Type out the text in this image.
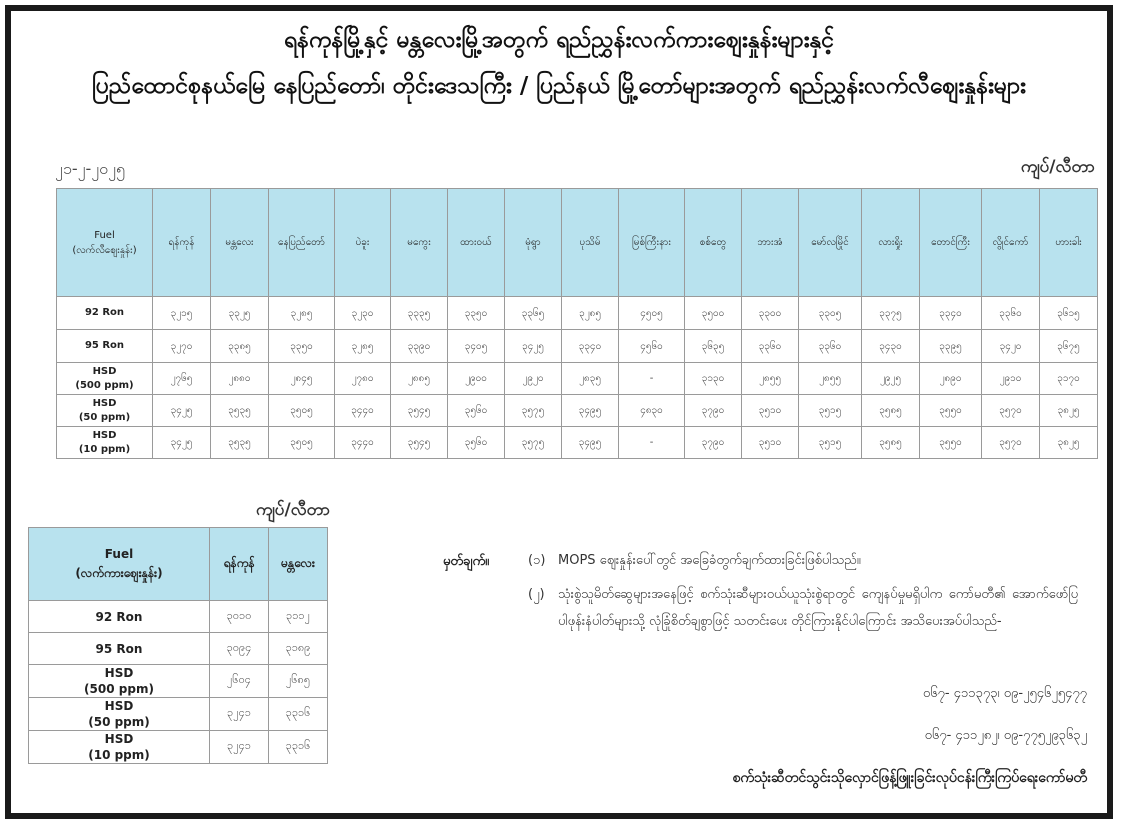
ရန်ကုန်မြို့နှင့် မန္တလေးမြို့အတွက် ရည်ညွှန်းလက်ကားဈေးနှုန်းများနှင့်
ပြည်ထောင်စုနယ်မြေ နေပြည်တော်၊ တိုင်းဒေသကြီး / ပြည်နယ် မြို့တော်များအတွက် ရည်ညွှန်းလက်လီဈေးနှုန်းများ
၂၁-၂-၂၀၂၅	ကျပ်/လီတာ
Fuel
(လက်လီဈေးနှုန်း)	ရန်ကုန်	မန္တလေး	နေပြည်တော်	ပဲခူး	မကွေး	ထားဝယ်	မုံရွာ	ပုသိမ်	မြစ်ကြီးနား	စစ်တွေ	ဘားအံ	မော်လမြိုင်	လားရှိုး	တောင်ကြီး	လွိုင်ကော်	ဟားခါး
92 Ron	၃၂၁၅	၃၃၂၅	၃၂၈၅	၃၂၃၀	၃၃၃၅	၃၃၅၀	၃၃၆၅	၃၂၈၅	၄၅၀၅	၃၅၀၀	၃၃၀၀	၃၃၀၅	၃၃၇၅	၃၃၄၀	၃၃၆၀	၃၆၁၅
95 Ron	၃၂၇၀	၃၃၈၅	၃၃၅၀	၃၂၈၅	၃၃၉၀	၃၄၀၅	၃၄၂၅	၃၃၄၀	၄၅၆၀	၃၆၃၅	၃၃၆၀	၃၃၆၀	၃၄၃၀	၃၃၉၅	၃၄၂၀	၃၆၇၅
HSD
(500 ppm)	၂၇၆၅	၂၈၈၀	၂၈၄၅	၂၇၈၀	၂၈၈၅	၂၉၀၀	၂၉၂၀	၂၈၃၅	-	၃၁၃၀	၂၈၅၅	၂၈၅၅	၂၉၂၅	၂၈၉၀	၂၉၁၀	၃၁၇၀
HSD
(50 ppm)	၃၄၂၅	၃၅၃၅	၃၅၀၅	၃၄၄၀	၃၅၄၅	၃၅၆၀	၃၅၇၅	၃၄၉၅	၄၈၃၀	၃၇၉၀	၃၅၁၀	၃၅၁၅	၃၅၈၅	၃၅၅၀	၃၅၇၀	၃၈၂၅
HSD
(10 ppm)	၃၄၂၅	၃၅၃၅	၃၅၀၅	၃၄၄၀	၃၅၄၅	၃၅၆၀	၃၅၇၅	၃၄၉၅	-	၃၇၉၀	၃၅၁၀	၃၅၁၅	၃၅၈၅	၃၅၅၀	၃၅၇၀	၃၈၂၅
ကျပ်/လီတာ
Fuel
(လက်ကားဈေးနှုန်း)	ရန်ကုန်	မန္တလေး
92 Ron	၃၀၁၀	၃၁၁၂
95 Ron	၃၀၉၄	၃၁၈၉
HSD
(500 ppm)	၂၆၀၄	၂၆၈၅
HSD
(50 ppm)	၃၂၄၁	၃၃၁၆
HSD
(10 ppm)	၃၂၄၁	၃၃၁၆
မှတ်ချက်။	(၁) MOPS ဈေးနှုန်းပေါ်တွင် အခြေခံတွက်ချက်ထားခြင်းဖြစ်ပါသည်။
(၂) သုံးစွဲသူမိတ်ဆွေများအနေဖြင့် စက်သုံးဆီများဝယ်ယူသုံးစွဲရာတွင် ကျေနပ်မှုမရှိပါက ကော်မတီ၏ အောက်ဖော်ပြပါဖုန်းနံပါတ်များသို့ လုံခြုံစိတ်ချစွာဖြင့် သတင်းပေး တိုင်ကြားနိုင်ပါကြောင်း အသိပေးအပ်ပါသည်-
၀၆၇- ၄၁၁၃၇၃၊ ၀၉-၂၅၄၆၂၅၄၇၇
၀၆၇- ၄၁၁၂၈၂၊ ၀၉-၇၇၅၂၉၃၆၃၂
စက်သုံးဆီတင်သွင်းသိုလှောင်ဖြန့်ဖြူးခြင်းလုပ်ငန်းကြီးကြပ်ရေးကော်မတီ
